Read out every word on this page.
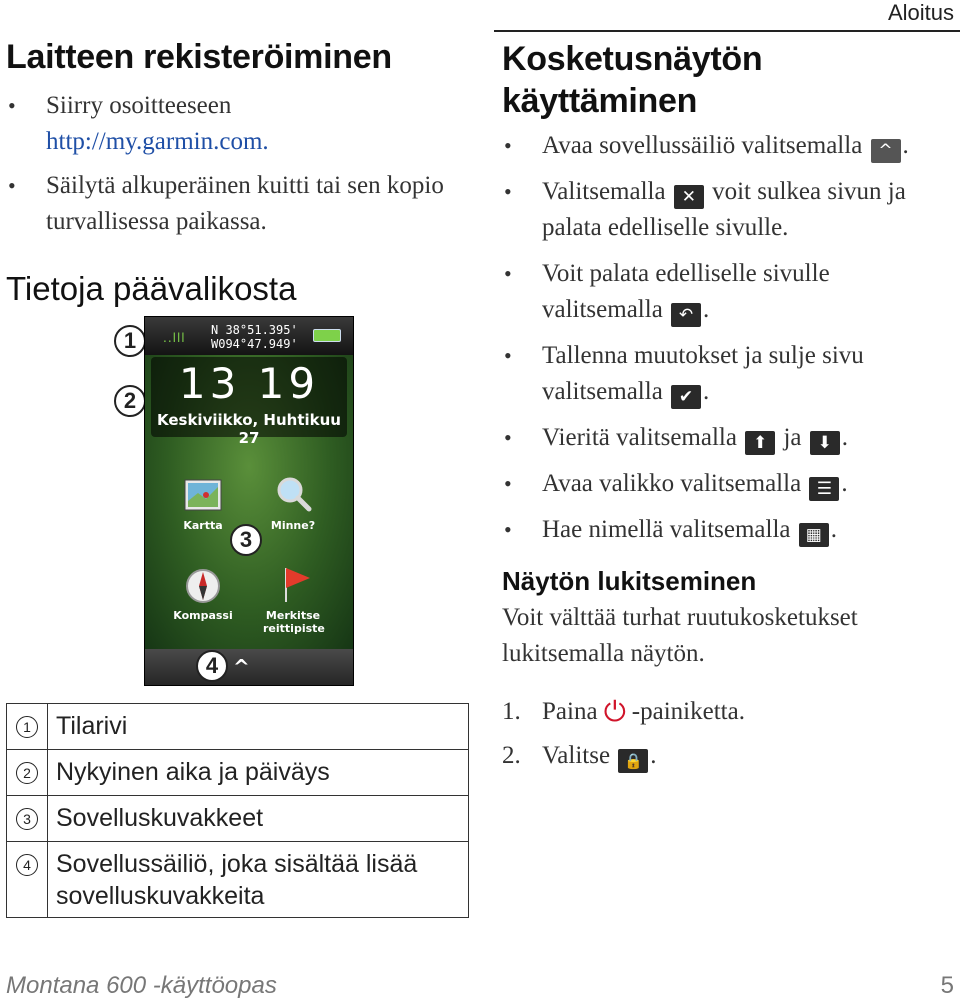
Aloitus
Laitteen rekisteröiminen
• Siirry osoitteeseen
http://my.garmin.com.
• Säilytä alkuperäinen kuitti tai sen kopio turvallisessa paikassa.
Tietoja päävalikosta
1
2
3
4
..lll
N 38°51.395'
W094°47.949'
13 19
Keskiviikko, Huhtikuu 27
Kartta	Minne?
Kompassi	Merkitse reittipiste
^
1	Tilarivi
2	Nykyinen aika ja päiväys
3	Sovelluskuvakkeet
4	Sovellussäiliö, joka sisältää lisää sovelluskuvakkeita
Kosketusnäytön käyttäminen
• Avaa sovellussäiliö valitsemalla ^ .
• Valitsemalla ✕ voit sulkea sivun ja palata edelliselle sivulle.
• Voit palata edelliselle sivulle valitsemalla ↶ .
• Tallenna muutokset ja sulje sivu valitsemalla ✔ .
• Vieritä valitsemalla ⬆ ja ⬇ .
• Avaa valikko valitsemalla ☰ .
• Hae nimellä valitsemalla ▦ .
Näytön lukitseminen
Voit välttää turhat ruutukosketukset lukitsemalla näytön.
1. Paina ⏻ -painiketta.
2. Valitse 🔒 .
Montana 600 -käyttöopas	5
